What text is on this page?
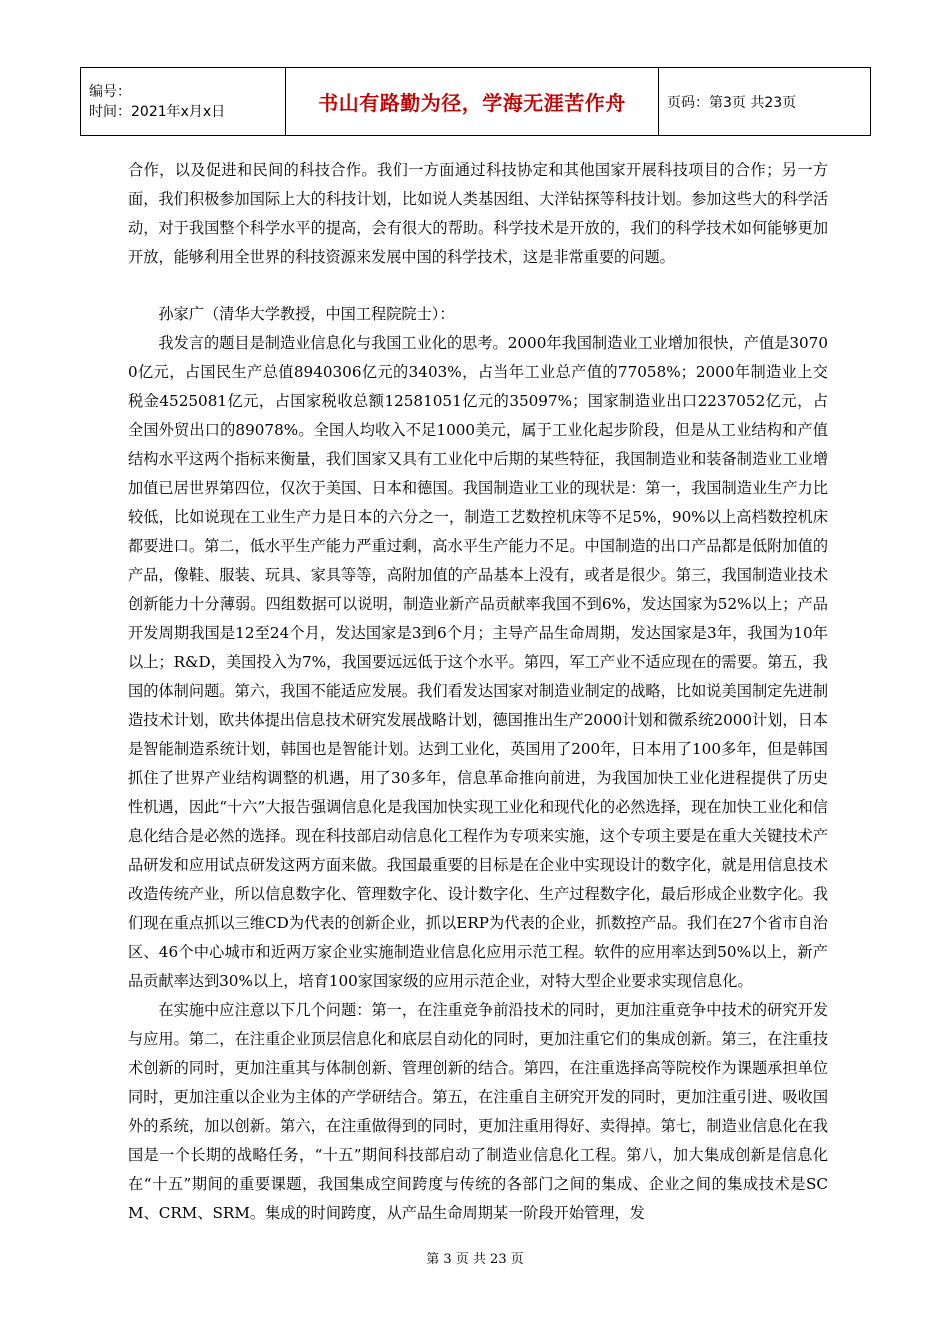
编号：
时间：2021年x月x日	书山有路勤为径，学海无涯苦作舟	页码：第3页 共23页

合作，以及促进和民间的科技合作。我们一方面通过科技协定和其他国家开展科技项目的合作；另一方面，我们积极参加国际上大的科技计划，比如说人类基因组、大洋钻探等科技计划。参加这些大的科学活动，对于我国整个科学水平的提高，会有很大的帮助。科学技术是开放的，我们的科学技术如何能够更加开放，能够利用全世界的科技资源来发展中国的科学技术，这是非常重要的问题。

孙家广（清华大学教授，中国工程院院士）：

我发言的题目是制造业信息化与我国工业化的思考。2000年我国制造业工业增加很快，产值是30700亿元，占国民生产总值8940306亿元的3403%，占当年工业总产值的77058%；2000年制造业上交税金4525081亿元，占国家税收总额12581051亿元的35097%；国家制造业出口2237052亿元，占全国外贸出口的89078%。全国人均收入不足1000美元，属于工业化起步阶段，但是从工业结构和产值结构水平这两个指标来衡量，我们国家又具有工业化中后期的某些特征，我国制造业和装备制造业工业增加值已居世界第四位，仅次于美国、日本和德国。我国制造业工业的现状是：第一，我国制造业生产力比较低，比如说现在工业生产力是日本的六分之一，制造工艺数控机床等不足5%，90%以上高档数控机床都要进口。第二，低水平生产能力严重过剩，高水平生产能力不足。中国制造的出口产品都是低附加值的产品，像鞋、服装、玩具、家具等等，高附加值的产品基本上没有，或者是很少。第三，我国制造业技术创新能力十分薄弱。四组数据可以说明，制造业新产品贡献率我国不到6%，发达国家为52%以上；产品开发周期我国是12至24个月，发达国家是3到6个月；主导产品生命周期，发达国家是3年，我国为10年以上；R&D，美国投入为7%，我国要远远低于这个水平。第四，军工产业不适应现在的需要。第五，我国的体制问题。第六，我国不能适应发展。我们看发达国家对制造业制定的战略，比如说美国制定先进制造技术计划，欧共体提出信息技术研究发展战略计划，德国推出生产2000计划和微系统2000计划，日本是智能制造系统计划，韩国也是智能计划。达到工业化，英国用了200年，日本用了100多年，但是韩国抓住了世界产业结构调整的机遇，用了30多年，信息革命推向前进，为我国加快工业化进程提供了历史性机遇，因此“十六”大报告强调信息化是我国加快实现工业化和现代化的必然选择，现在加快工业化和信息化结合是必然的选择。现在科技部启动信息化工程作为专项来实施，这个专项主要是在重大关键技术产品研发和应用试点研发这两方面来做。我国最重要的目标是在企业中实现设计的数字化，就是用信息技术改造传统产业，所以信息数字化、管理数字化、设计数字化、生产过程数字化，最后形成企业数字化。我们现在重点抓以三维CD为代表的创新企业，抓以ERP为代表的企业，抓数控产品。我们在27个省市自治区、46个中心城市和近两万家企业实施制造业信息化应用示范工程。软件的应用率达到50%以上，新产品贡献率达到30%以上，培育100家国家级的应用示范企业，对特大型企业要求实现信息化。

在实施中应注意以下几个问题：第一，在注重竞争前沿技术的同时，更加注重竞争中技术的研究开发与应用。第二，在注重企业顶层信息化和底层自动化的同时，更加注重它们的集成创新。第三，在注重技术创新的同时，更加注重其与体制创新、管理创新的结合。第四，在注重选择高等院校作为课题承担单位同时，更加注重以企业为主体的产学研结合。第五，在注重自主研究开发的同时，更加注重引进、吸收国外的系统，加以创新。第六，在注重做得到的同时，更加注重用得好、卖得掉。第七，制造业信息化在我国是一个长期的战略任务，“十五”期间科技部启动了制造业信息化工程。第八，加大集成创新是信息化在“十五”期间的重要课题，我国集成空间跨度与传统的各部门之间的集成、企业之间的集成技术是SCM、CRM、SRM。集成的时间跨度，从产品生命周期某一阶段开始管理，发

第 3 页 共 23 页
